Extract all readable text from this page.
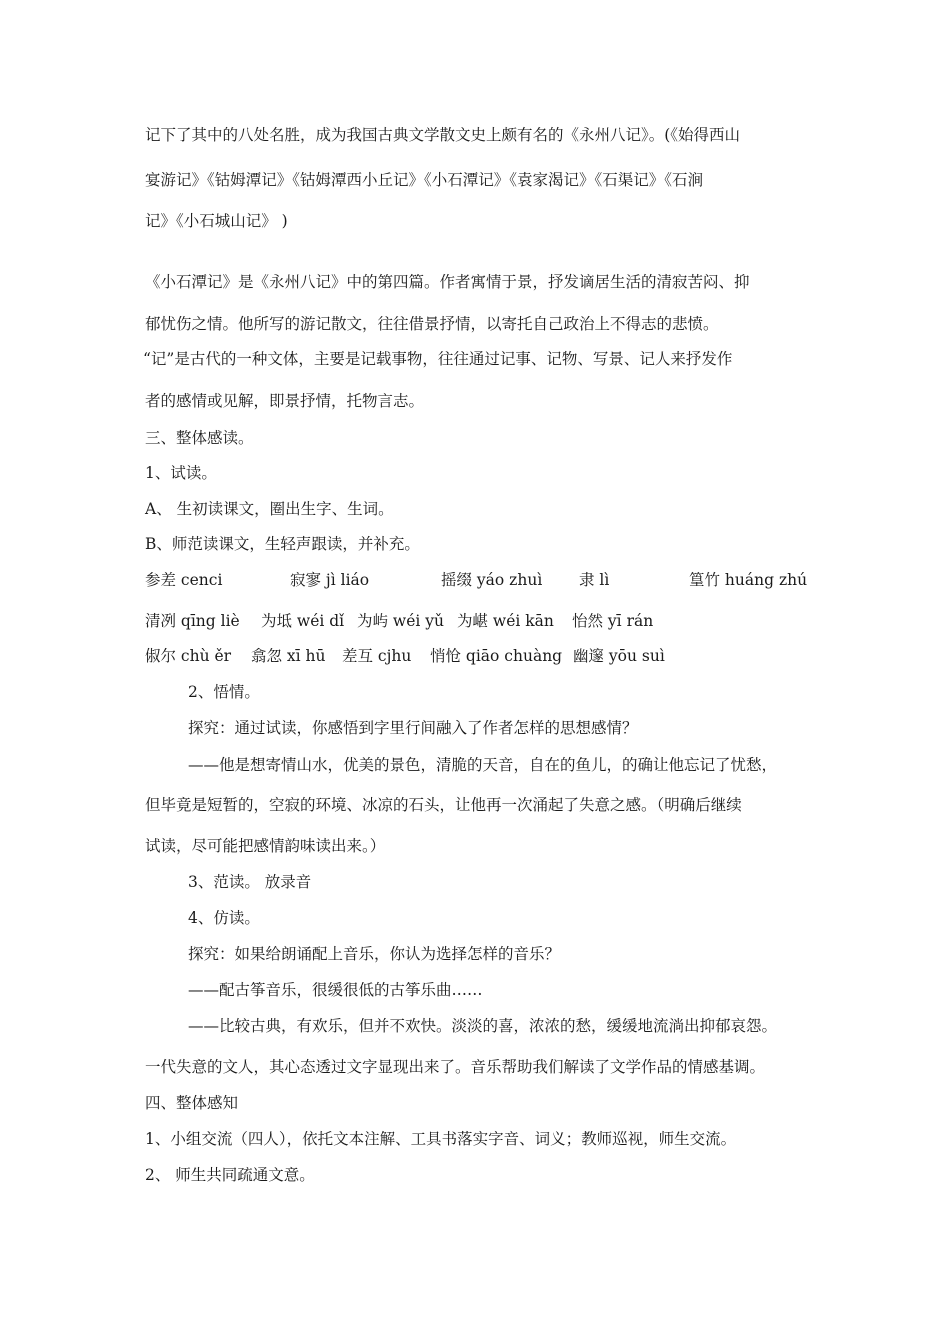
记下了其中的八处名胜，成为我国古典文学散文史上颇有名的《永州八记》。(《始得西山
宴游记》《钴姆潭记》《钴姆潭西小丘记》《小石潭记》《袁家渴记》《石渠记》《石涧
记》《小石城山记》 )
《小石潭记》是《永州八记》中的第四篇。作者寓情于景，抒发谪居生活的清寂苦闷、抑
郁忧伤之情。他所写的游记散文，往往借景抒情，以寄托自己政治上不得志的悲愤。
“记”是古代的一种文体，主要是记载事物，往往通过记事、记物、写景、记人来抒发作
者的感情或见解，即景抒情，托物言志。
三、整体感读。
1、试读。
A、 生初读课文，圈出生字、生词。
B、师范读课文，生轻声跟读，并补充。
参差 cenci	寂寥 jì liáo	摇缀 yáo zhuì 隶 lì	篁竹 huáng zhú
清冽 qīng liè 为坻 wéi dǐ 为屿 wéi yǔ 为嵁 wéi kān 怡然 yī rán
俶尔 chù ěr 翕忽 xī hū 差互 cjhu 悄怆 qiāo chuàng 幽邃 yōu suì
2、悟情。
探究：通过试读，你感悟到字里行间融入了作者怎样的思想感情？
——他是想寄情山水，优美的景色，清脆的天音，自在的鱼儿，的确让他忘记了忧愁，
但毕竟是短暂的，空寂的环境、冰凉的石头，让他再一次涌起了失意之感。（明确后继续
试读，尽可能把感情韵味读出来。）
3、范读。 放录音
4、仿读。
探究：如果给朗诵配上音乐，你认为选择怎样的音乐？
——配古筝音乐，很缓很低的古筝乐曲……
——比较古典，有欢乐，但并不欢快。淡淡的喜，浓浓的愁，缓缓地流淌出抑郁哀怨。
一代失意的文人，其心态透过文字显现出来了。音乐帮助我们解读了文学作品的情感基调。
四、整体感知
1、小组交流（四人），依托文本注解、工具书落实字音、词义；教师巡视，师生交流。
2、 师生共同疏通文意。
